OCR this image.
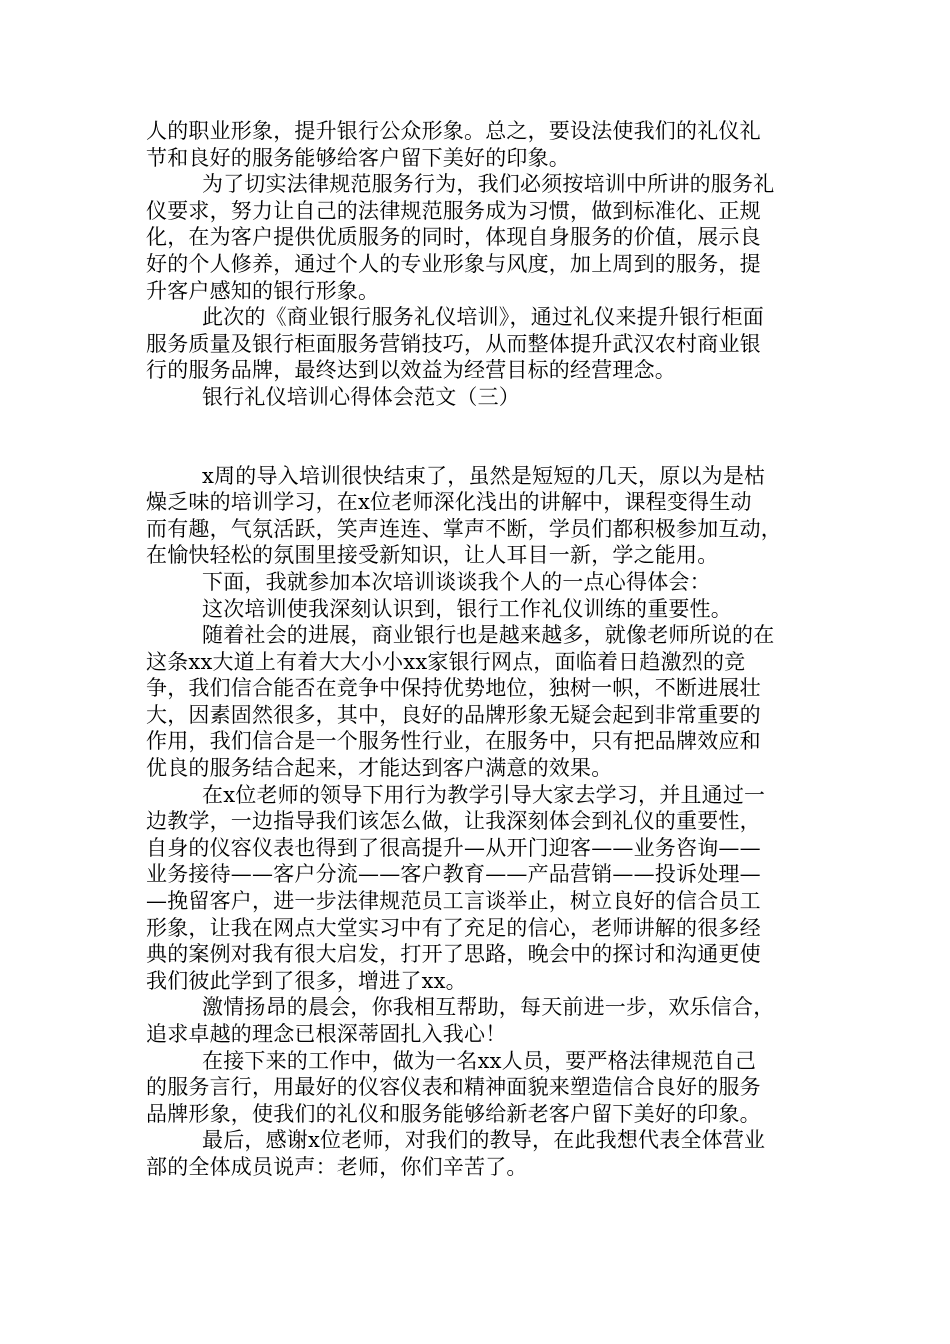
人的职业形象，提升银行公众形象。总之，要设法使我们的礼仪礼
节和良好的服务能够给客户留下美好的印象。
为了切实法律规范服务行为，我们必须按培训中所讲的服务礼
仪要求，努力让自己的法律规范服务成为习惯，做到标准化、正规
化，在为客户提供优质服务的同时，体现自身服务的价值，展示良
好的个人修养，通过个人的专业形象与风度，加上周到的服务，提
升客户感知的银行形象。
此次的《商业银行服务礼仪培训》，通过礼仪来提升银行柜面
服务质量及银行柜面服务营销技巧，从而整体提升武汉农村商业银
行的服务品牌，最终达到以效益为经营目标的经营理念。
银行礼仪培训心得体会范文（三）
x周的导入培训很快结束了，虽然是短短的几天，原以为是枯
燥乏味的培训学习，在x位老师深化浅出的讲解中，课程变得生动
而有趣，气氛活跃，笑声连连、掌声不断，学员们都积极参加互动，
在愉快轻松的氛围里接受新知识，让人耳目一新，学之能用。
下面，我就参加本次培训谈谈我个人的一点心得体会：
这次培训使我深刻认识到，银行工作礼仪训练的重要性。
随着社会的进展，商业银行也是越来越多，就像老师所说的在
这条xx大道上有着大大小小xx家银行网点，面临着日趋激烈的竞
争，我们信合能否在竞争中保持优势地位，独树一帜，不断进展壮
大，因素固然很多，其中，良好的品牌形象无疑会起到非常重要的
作用，我们信合是一个服务性行业，在服务中，只有把品牌效应和
优良的服务结合起来，才能达到客户满意的效果。
在x位老师的领导下用行为教学引导大家去学习，并且通过一
边教学，一边指导我们该怎么做，让我深刻体会到礼仪的重要性，
自身的仪容仪表也得到了很高提升—从开门迎客——业务咨询——
业务接待——客户分流——客户教育——产品营销——投诉处理—
—挽留客户，进一步法律规范员工言谈举止，树立良好的信合员工
形象，让我在网点大堂实习中有了充足的信心，老师讲解的很多经
典的案例对我有很大启发，打开了思路，晚会中的探讨和沟通更使
我们彼此学到了很多，增进了xx。
激情扬昂的晨会，你我相互帮助，每天前进一步，欢乐信合，
追求卓越的理念已根深蒂固扎入我心！
在接下来的工作中，做为一名xx人员，要严格法律规范自己
的服务言行，用最好的仪容仪表和精神面貌来塑造信合良好的服务
品牌形象，使我们的礼仪和服务能够给新老客户留下美好的印象。
最后，感谢x位老师，对我们的教导，在此我想代表全体营业
部的全体成员说声：老师，你们辛苦了。
